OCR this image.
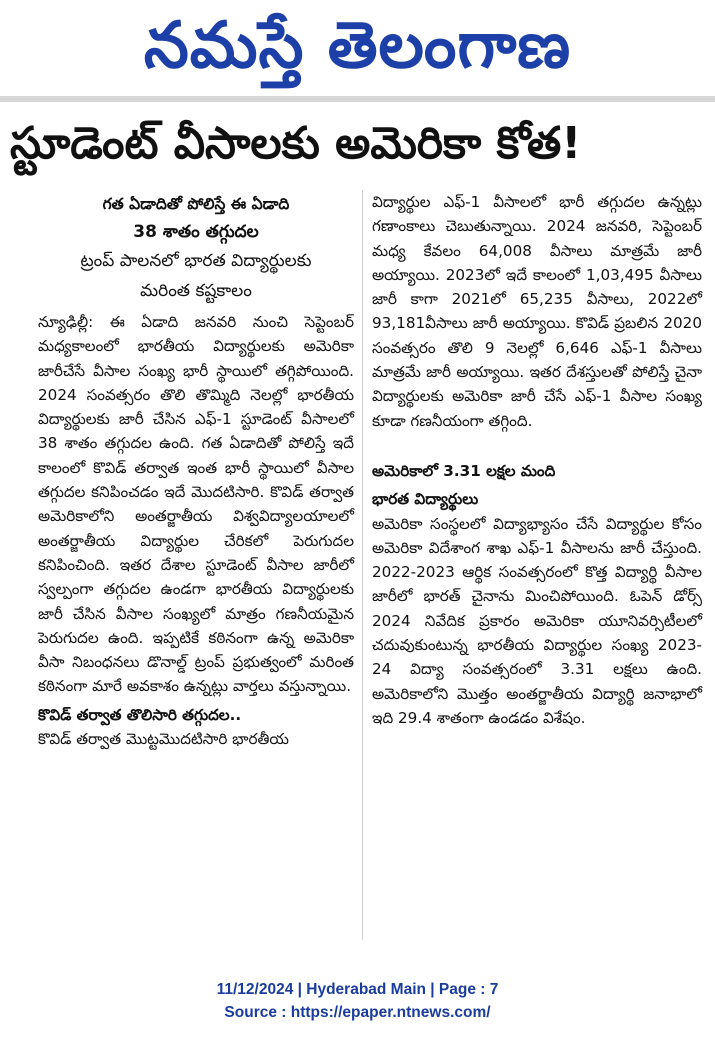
నమస్తే తెలంగాణ
స్టూడెంట్ వీసాలకు అమెరికా కోత!
గత ఏడాదితో పోలిస్తే ఈ ఏడాది
38 శాతం తగ్గుదల
ట్రంప్ పాలనలో భారత విద్యార్థులకు
మరింత కష్టకాలం
న్యూఢిల్లీ: ఈ ఏడాది జనవరి నుంచి సెప్టెంబర్ మధ్యకాలంలో భారతీయ విద్యార్థులకు అమెరికా జారీచేసే వీసాల సంఖ్య భారీ స్థాయిలో తగ్గిపోయింది. 2024 సంవత్సరం తొలి తొమ్మిది నెలల్లో భారతీయ విద్యార్థులకు జారీ చేసిన ఎఫ్-1 స్టూడెంట్ వీసాలలో 38 శాతం తగ్గుదల ఉంది. గత ఏడాదితో పోలిస్తే ఇదే కాలంలో కొవిడ్ తర్వాత ఇంత భారీ స్థాయిలో వీసాల తగ్గుదల కనిపించడం ఇదే మొదటిసారి. కొవిడ్ తర్వాత అమెరికాలోని అంతర్జాతీయ విశ్వవిద్యాలయాలలో అంతర్జాతీయ విద్యార్థుల చేరికలో పెరుగుదల కనిపించింది. ఇతర దేశాల స్టూడెంట్ వీసాల జారీలో స్వల్పంగా తగ్గుదల ఉండగా భారతీయ విద్యార్థులకు జారీ చేసిన వీసాల సంఖ్యలో మాత్రం గణనీయమైన పెరుగుదల ఉంది. ఇప్పటికే కఠినంగా ఉన్న అమెరికా వీసా నిబంధనలు డొనాల్డ్ ట్రంప్ ప్రభుత్వంలో మరింత కఠినంగా మారే అవకాశం ఉన్నట్లు వార్తలు వస్తున్నాయి.
కొవిడ్ తర్వాత తొలిసారి తగ్గుదల..
కొవిడ్ తర్వాత మొట్టమొదటిసారి భారతీయ
విద్యార్థుల ఎఫ్-1 వీసాలలో భారీ తగ్గుదల ఉన్నట్లు గణాంకాలు చెబుతున్నాయి. 2024 జనవరి, సెప్టెంబర్ మధ్య కేవలం 64,008 వీసాలు మాత్రమే జారీ అయ్యాయి. 2023లో ఇదే కాలంలో 1,03,495 వీసాలు జారీ కాగా 2021లో 65,235 వీసాలు, 2022లో 93,181వీసాలు జారీ అయ్యాయి. కొవిడ్ ప్రబలిన 2020 సంవత్సరం తొలి 9 నెలల్లో 6,646 ఎఫ్-1 వీసాలు మాత్రమే జారీ అయ్యాయి. ఇతర దేశస్తులతో పోలిస్తే చైనా విద్యార్థులకు అమెరికా జారీ చేసే ఎఫ్-1 వీసాల సంఖ్య కూడా గణనీయంగా తగ్గింది.
అమెరికాలో 3.31 లక్షల మంది
భారత విద్యార్థులు
అమెరికా సంస్థలలో విద్యాభ్యాసం చేసే విద్యార్థుల కోసం అమెరికా విదేశాంగ శాఖ ఎఫ్-1 వీసాలను జారీ చేస్తుంది. 2022-2023 ఆర్థిక సంవత్సరంలో కొత్త విద్యార్థి వీసాల జారీలో భారత్ చైనాను మించిపోయింది. ఓపెన్ డోర్స్ 2024 నివేదిక ప్రకారం అమెరికా యూనివర్సిటీలలో చదువుకుంటున్న భారతీయ విద్యార్థుల సంఖ్య 2023-24 విద్యా సంవత్సరంలో 3.31 లక్షలు ఉంది. అమెరికాలోని మొత్తం అంతర్జాతీయ విద్యార్థి జనాభాలో ఇది 29.4 శాతంగా ఉండడం విశేషం.
11/12/2024 | Hyderabad Main | Page : 7
Source : https://epaper.ntnews.com/
